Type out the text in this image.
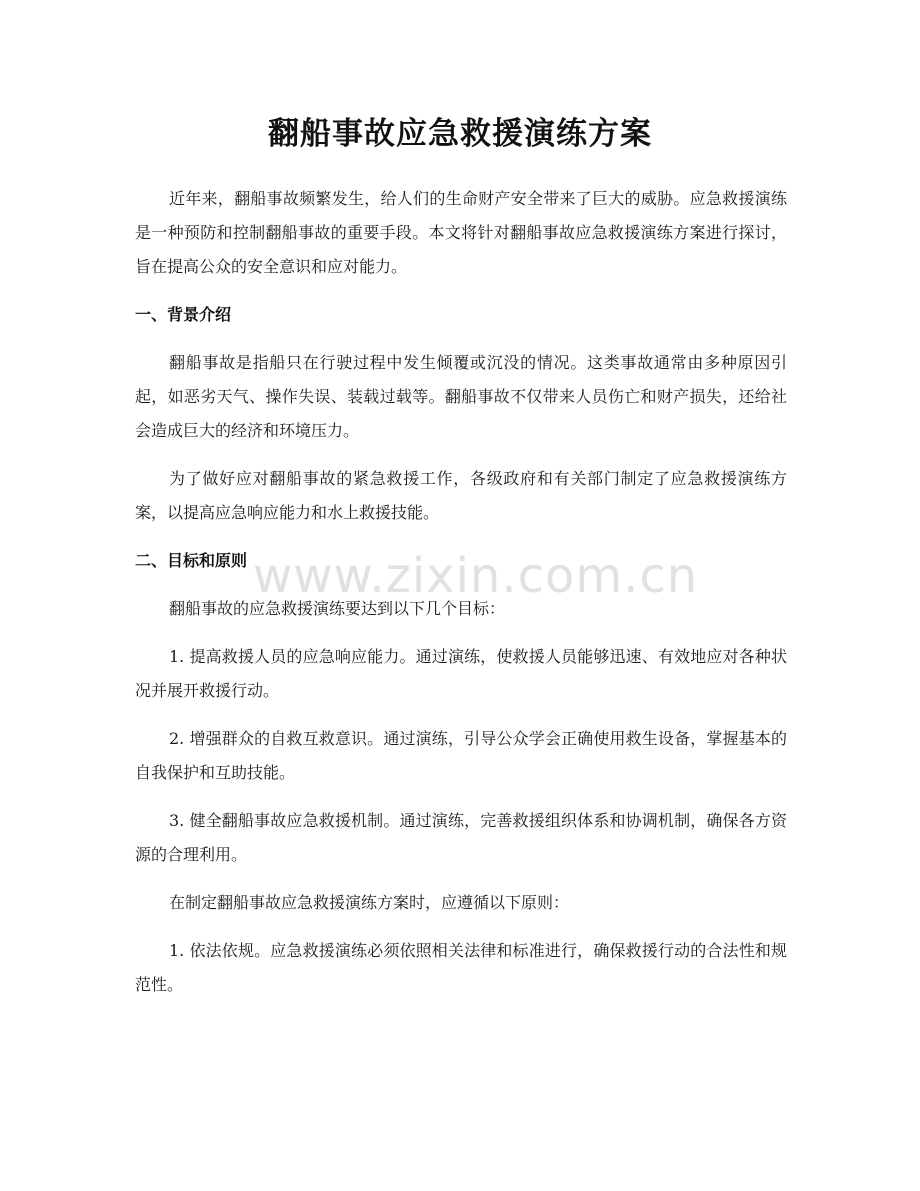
翻船事故应急救援演练方案

近年来，翻船事故频繁发生，给人们的生命财产安全带来了巨大的威胁。应急救援演练是一种预防和控制翻船事故的重要手段。本文将针对翻船事故应急救援演练方案进行探讨，旨在提高公众的安全意识和应对能力。

一、背景介绍

翻船事故是指船只在行驶过程中发生倾覆或沉没的情况。这类事故通常由多种原因引起，如恶劣天气、操作失误、装载过载等。翻船事故不仅带来人员伤亡和财产损失，还给社会造成巨大的经济和环境压力。

为了做好应对翻船事故的紧急救援工作，各级政府和有关部门制定了应急救援演练方案，以提高应急响应能力和水上救援技能。

二、目标和原则

翻船事故的应急救援演练要达到以下几个目标：

1. 提高救援人员的应急响应能力。通过演练，使救援人员能够迅速、有效地应对各种状况并展开救援行动。

2. 增强群众的自救互救意识。通过演练，引导公众学会正确使用救生设备，掌握基本的自我保护和互助技能。

3. 健全翻船事故应急救援机制。通过演练，完善救援组织体系和协调机制，确保各方资源的合理利用。

在制定翻船事故应急救援演练方案时，应遵循以下原则：

1. 依法依规。应急救援演练必须依照相关法律和标准进行，确保救援行动的合法性和规范性。

www.zixin.com.cn
